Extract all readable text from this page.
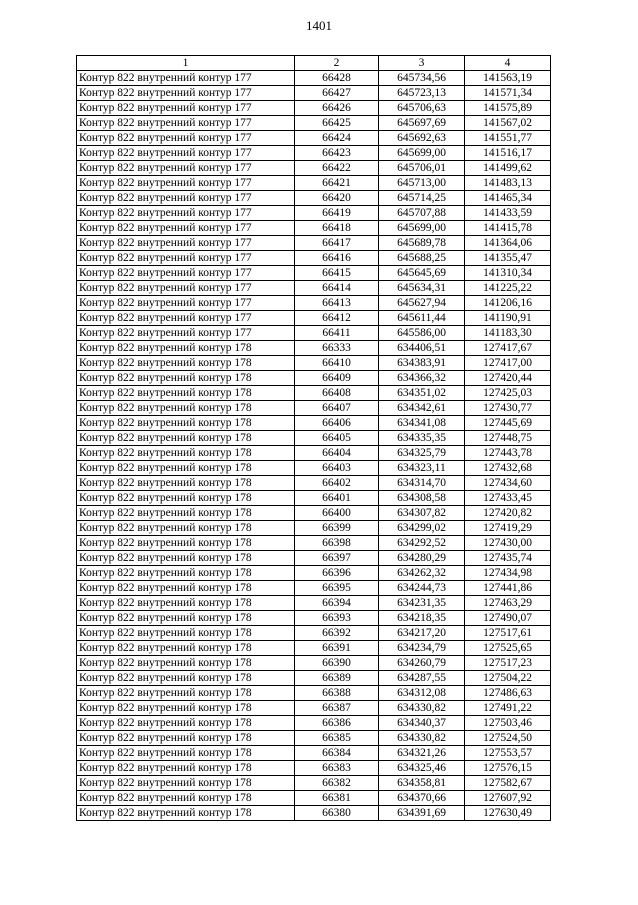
1401
1	2	3	4
Контур 822 внутренний контур 177	66428	645734,56	141563,19
Контур 822 внутренний контур 177	66427	645723,13	141571,34
Контур 822 внутренний контур 177	66426	645706,63	141575,89
Контур 822 внутренний контур 177	66425	645697,69	141567,02
Контур 822 внутренний контур 177	66424	645692,63	141551,77
Контур 822 внутренний контур 177	66423	645699,00	141516,17
Контур 822 внутренний контур 177	66422	645706,01	141499,62
Контур 822 внутренний контур 177	66421	645713,00	141483,13
Контур 822 внутренний контур 177	66420	645714,25	141465,34
Контур 822 внутренний контур 177	66419	645707,88	141433,59
Контур 822 внутренний контур 177	66418	645699,00	141415,78
Контур 822 внутренний контур 177	66417	645689,78	141364,06
Контур 822 внутренний контур 177	66416	645688,25	141355,47
Контур 822 внутренний контур 177	66415	645645,69	141310,34
Контур 822 внутренний контур 177	66414	645634,31	141225,22
Контур 822 внутренний контур 177	66413	645627,94	141206,16
Контур 822 внутренний контур 177	66412	645611,44	141190,91
Контур 822 внутренний контур 177	66411	645586,00	141183,30
Контур 822 внутренний контур 178	66333	634406,51	127417,67
Контур 822 внутренний контур 178	66410	634383,91	127417,00
Контур 822 внутренний контур 178	66409	634366,32	127420,44
Контур 822 внутренний контур 178	66408	634351,02	127425,03
Контур 822 внутренний контур 178	66407	634342,61	127430,77
Контур 822 внутренний контур 178	66406	634341,08	127445,69
Контур 822 внутренний контур 178	66405	634335,35	127448,75
Контур 822 внутренний контур 178	66404	634325,79	127443,78
Контур 822 внутренний контур 178	66403	634323,11	127432,68
Контур 822 внутренний контур 178	66402	634314,70	127434,60
Контур 822 внутренний контур 178	66401	634308,58	127433,45
Контур 822 внутренний контур 178	66400	634307,82	127420,82
Контур 822 внутренний контур 178	66399	634299,02	127419,29
Контур 822 внутренний контур 178	66398	634292,52	127430,00
Контур 822 внутренний контур 178	66397	634280,29	127435,74
Контур 822 внутренний контур 178	66396	634262,32	127434,98
Контур 822 внутренний контур 178	66395	634244,73	127441,86
Контур 822 внутренний контур 178	66394	634231,35	127463,29
Контур 822 внутренний контур 178	66393	634218,35	127490,07
Контур 822 внутренний контур 178	66392	634217,20	127517,61
Контур 822 внутренний контур 178	66391	634234,79	127525,65
Контур 822 внутренний контур 178	66390	634260,79	127517,23
Контур 822 внутренний контур 178	66389	634287,55	127504,22
Контур 822 внутренний контур 178	66388	634312,08	127486,63
Контур 822 внутренний контур 178	66387	634330,82	127491,22
Контур 822 внутренний контур 178	66386	634340,37	127503,46
Контур 822 внутренний контур 178	66385	634330,82	127524,50
Контур 822 внутренний контур 178	66384	634321,26	127553,57
Контур 822 внутренний контур 178	66383	634325,46	127576,15
Контур 822 внутренний контур 178	66382	634358,81	127582,67
Контур 822 внутренний контур 178	66381	634370,66	127607,92
Контур 822 внутренний контур 178	66380	634391,69	127630,49
